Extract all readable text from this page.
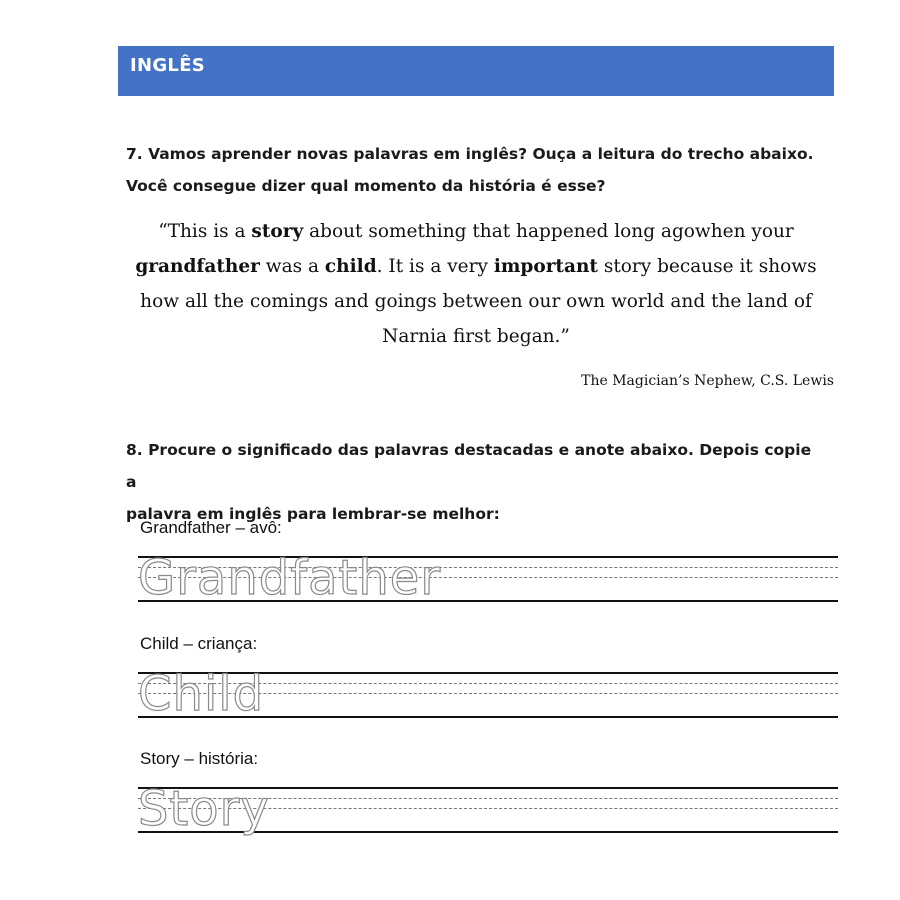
INGLÊS
7. Vamos aprender novas palavras em inglês? Ouça a leitura do trecho abaixo.
Você consegue dizer qual momento da história é esse?
“This is a story about something that happened long agowhen your grandfather was a child. It is a very important story because it shows how all the comings and goings between our own world and the land of Narnia first began.”
The Magician’s Nephew, C.S. Lewis
8. Procure o significado das palavras destacadas e anote abaixo. Depois copie a
palavra em inglês para lembrar-se melhor:
Grandfather – avô:
Grandfather
Child – criança:
Child
Story – história:
Story
